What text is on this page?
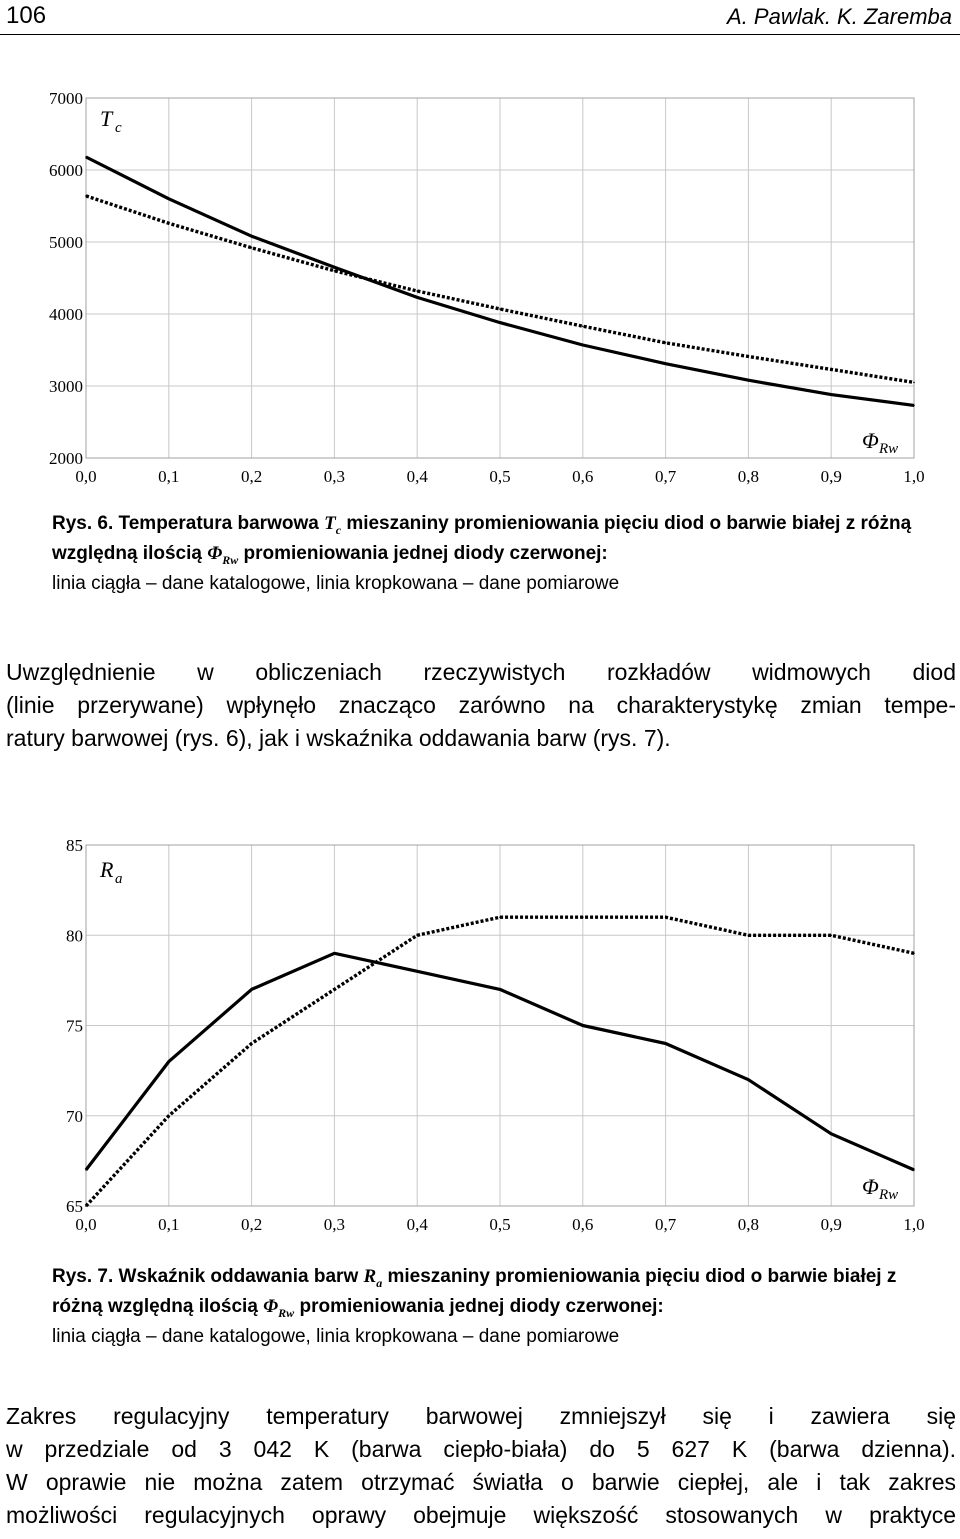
106	A. Pawlak. K. Zaremba
0,0	0,1	0,2	0,3	0,4	0,5	0,6	0,7	0,8	0,9	1,0
2000
3000
4000
5000
6000
7000
T c
Φ Rw
Rys. 6. Temperatura barwowa $T_c$ mieszaniny promieniowania pięciu diod o barwie białej z różną względną ilością $\Phi_{Rw}$ promieniowania jednej diody czerwonej:
linia ciągła – dane katalogowe, linia kropkowana – dane pomiarowe
Uwzględnienie w obliczeniach rzeczywistych rozkładów widmowych diod
(linie przerywane) wpłynęło znacząco zarówno na charakterystykę zmian tempe-
ratury barwowej (rys. 6), jak i wskaźnika oddawania barw (rys. 7).
0,0	0,1	0,2	0,3	0,4	0,5	0,6	0,7	0,8	0,9	1,0
65
70
75
80
85
R a
Φ Rw
Rys. 7. Wskaźnik oddawania barw $R_a$ mieszaniny promieniowania pięciu diod o barwie białej z różną względną ilością $\Phi_{Rw}$ promieniowania jednej diody czerwonej:
linia ciągła – dane katalogowe, linia kropkowana – dane pomiarowe
Zakres regulacyjny temperatury barwowej zmniejszył się i zawiera się
w przedziale od 3 042 K (barwa ciepło-biała) do 5 627 K (barwa dzienna).
W oprawie nie można zatem otrzymać światła o barwie ciepłej, ale i tak zakres
możliwości regulacyjnych oprawy obejmuje większość stosowanych w praktyce
